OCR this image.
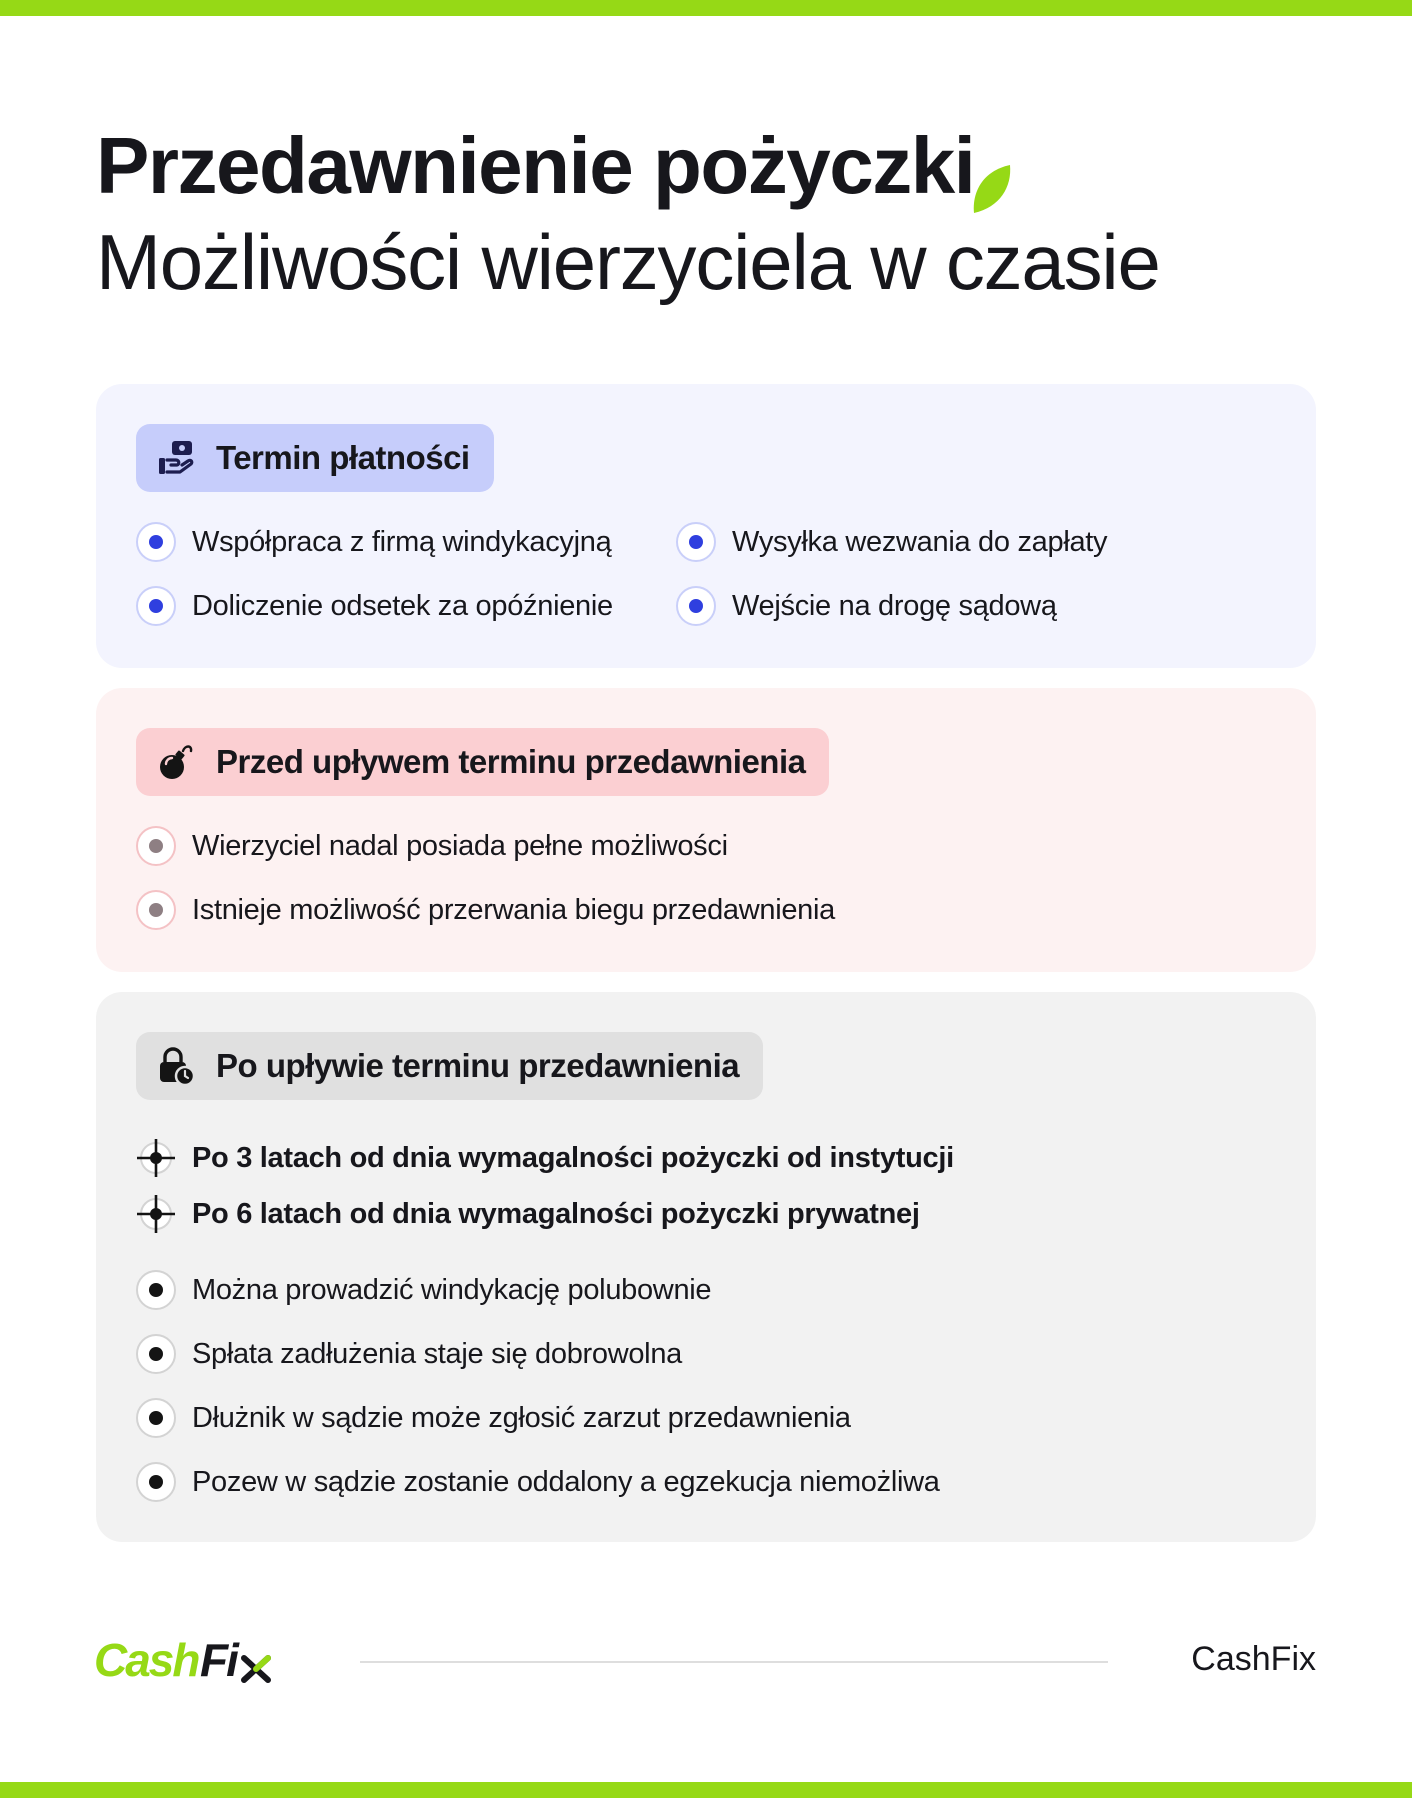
Przedawnienie pożyczki
Możliwości wierzyciela w czasie
Termin płatności
Współpraca z firmą windykacyjną	Wysyłka wezwania do zapłaty
Doliczenie odsetek za opóźnienie	Wejście na drogę sądową
Przed upływem terminu przedawnienia
Wierzyciel nadal posiada pełne możliwości
Istnieje możliwość przerwania biegu przedawnienia
Po upływie terminu przedawnienia
Po 3 latach od dnia wymagalności pożyczki od instytucji
Po 6 latach od dnia wymagalności pożyczki prywatnej
Można prowadzić windykację polubownie
Spłata zadłużenia staje się dobrowolna
Dłużnik w sądzie może zgłosić zarzut przedawnienia
Pozew w sądzie zostanie oddalony a egzekucja niemożliwa
Cash Fi	CashFix
